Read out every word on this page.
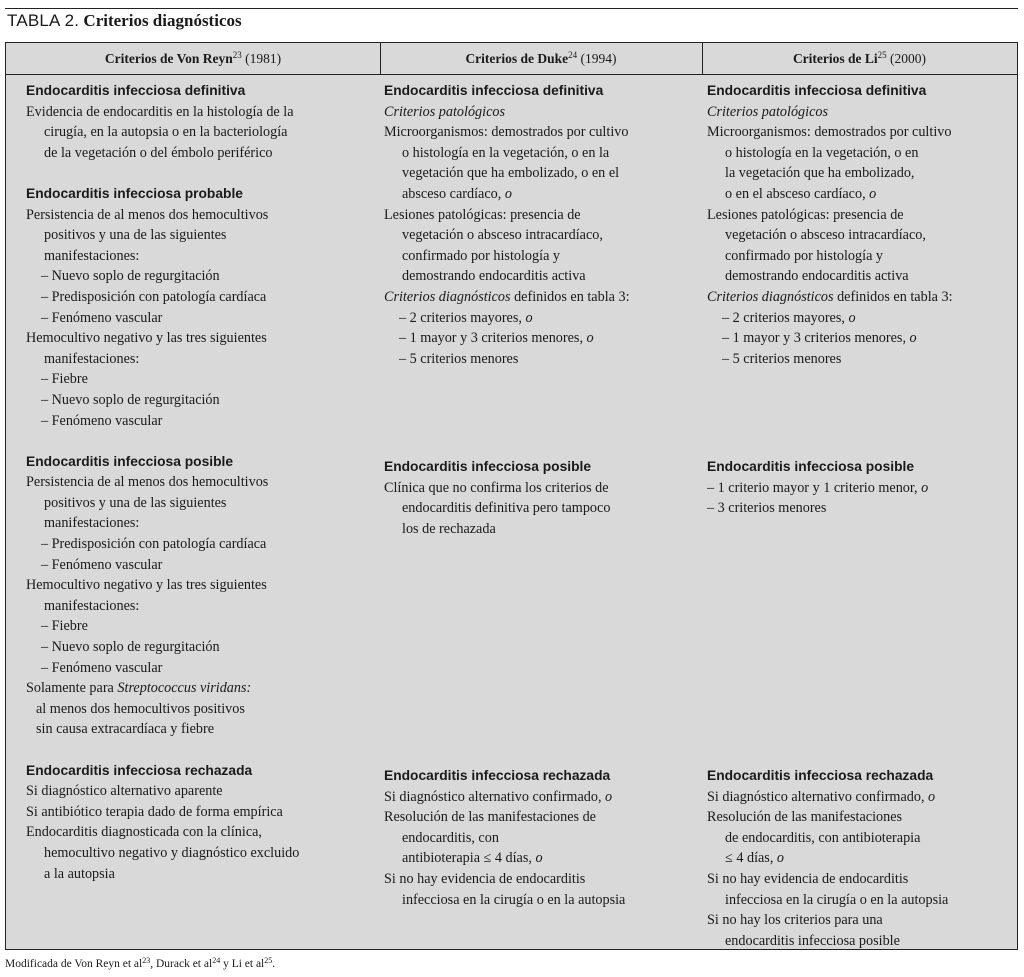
TABLA 2. Criterios diagnósticos
Criterios de Von Reyn$^{23}$ (1981)	Criterios de Duke$^{24}$ (1994)	Criterios de Li$^{25}$ (2000)
Endocarditis infecciosa definitiva
Evidencia de endocarditis en la histología de la
cirugía, en la autopsia o en la bacteriología
de la vegetación o del émbolo periférico
Endocarditis infecciosa probable
Persistencia de al menos dos hemocultivos
positivos y una de las siguientes
manifestaciones:
– Nuevo soplo de regurgitación
– Predisposición con patología cardíaca
– Fenómeno vascular
Hemocultivo negativo y las tres siguientes
manifestaciones:
– Fiebre
– Nuevo soplo de regurgitación
– Fenómeno vascular
Endocarditis infecciosa posible
Persistencia de al menos dos hemocultivos
positivos y una de las siguientes
manifestaciones:
– Predisposición con patología cardíaca
– Fenómeno vascular
Hemocultivo negativo y las tres siguientes
manifestaciones:
– Fiebre
– Nuevo soplo de regurgitación
– Fenómeno vascular
Solamente para Streptococcus viridans:
al menos dos hemocultivos positivos
sin causa extracardíaca y fiebre
Endocarditis infecciosa rechazada
Si diagnóstico alternativo aparente
Si antibiótico terapia dado de forma empírica
Endocarditis diagnosticada con la clínica,
hemocultivo negativo y diagnóstico excluido
a la autopsia
Endocarditis infecciosa definitiva
Criterios patológicos
Microorganismos: demostrados por cultivo
o histología en la vegetación, o en la
vegetación que ha embolizado, o en el
absceso cardíaco, o
Lesiones patológicas: presencia de
vegetación o absceso intracardíaco,
confirmado por histología y
demostrando endocarditis activa
Criterios diagnósticos definidos en tabla 3:
– 2 criterios mayores, o
– 1 mayor y 3 criterios menores, o
– 5 criterios menores
Endocarditis infecciosa posible
Clínica que no confirma los criterios de
endocarditis definitiva pero tampoco
los de rechazada
Endocarditis infecciosa rechazada
Si diagnóstico alternativo confirmado, o
Resolución de las manifestaciones de
endocarditis, con
antibioterapia ≤ 4 días, o
Si no hay evidencia de endocarditis
infecciosa en la cirugía o en la autopsia
Endocarditis infecciosa definitiva
Criterios patológicos
Microorganismos: demostrados por cultivo
o histología en la vegetación, o en
la vegetación que ha embolizado,
o en el absceso cardíaco, o
Lesiones patológicas: presencia de
vegetación o absceso intracardíaco,
confirmado por histología y
demostrando endocarditis activa
Criterios diagnósticos definidos en tabla 3:
– 2 criterios mayores, o
– 1 mayor y 3 criterios menores, o
– 5 criterios menores
Endocarditis infecciosa posible
– 1 criterio mayor y 1 criterio menor, o
– 3 criterios menores
Endocarditis infecciosa rechazada
Si diagnóstico alternativo confirmado, o
Resolución de las manifestaciones
de endocarditis, con antibioterapia
≤ 4 días, o
Si no hay evidencia de endocarditis
infecciosa en la cirugía o en la autopsia
Si no hay los criterios para una
endocarditis infecciosa posible
Modificada de Von Reyn et $al^{23}$, Durack et $al^{24}$ y Li et $al^{25}$.
